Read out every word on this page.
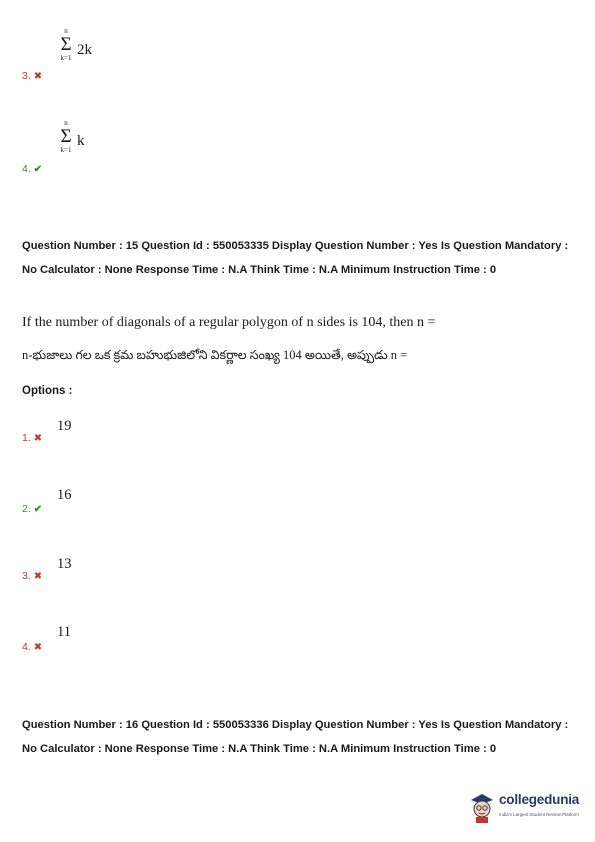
3. ✖
n
Σ
k=1 2k
4. ✔
n
Σ
k=1
k
Question Number : 15 Question Id : 550053335 Display Question Number : Yes Is Question Mandatory : No Calculator : None Response Time : N.A Think Time : N.A Minimum Instruction Time : 0
If the number of diagonals of a regular polygon of n sides is 104, then n =
n-భుజాలు గల ఒక క్రమ బహుభుజిలోని వికర్ణాల సంఖ్య 104 అయితే, అప్పుడు n =
Options :
1. ✖
19
2. ✔
16
3. ✖
13
4. ✖
11
Question Number : 16 Question Id : 550053336 Display Question Number : Yes Is Question Mandatory : No Calculator : None Response Time : N.A Think Time : N.A Minimum Instruction Time : 0
collegedunia
India's Largest Student Review Platform
